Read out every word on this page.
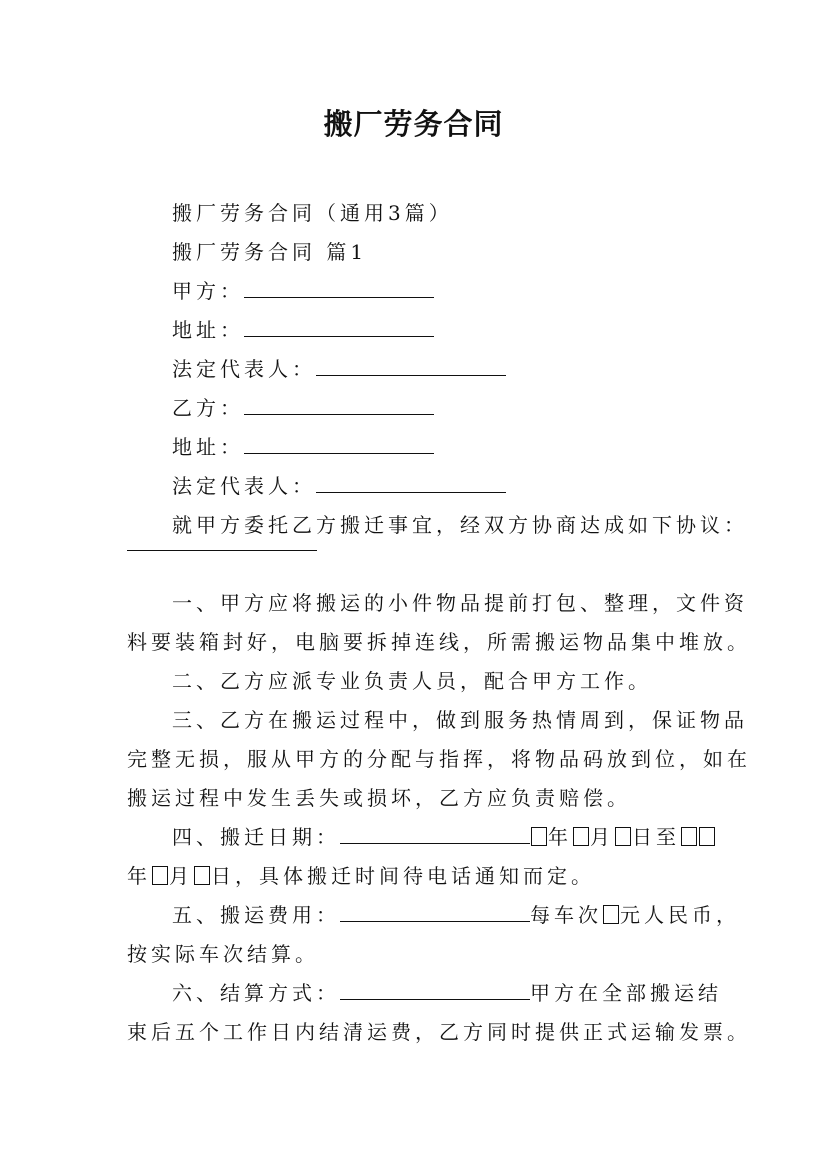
搬厂劳务合同
搬厂劳务合同（通用3篇）
搬厂劳务合同 篇1
甲方：
地址：
法定代表人：
乙方：
地址：
法定代表人：
就甲方委托乙方搬迁事宜，经双方协商达成如下协议：
一、甲方应将搬运的小件物品提前打包、整理，文件资
料要装箱封好，电脑要拆掉连线，所需搬运物品集中堆放。
二、乙方应派专业负责人员，配合甲方工作。
三、乙方在搬运过程中，做到服务热情周到，保证物品
完整无损，服从甲方的分配与指挥，将物品码放到位，如在
搬运过程中发生丢失或损坏，乙方应负责赔偿。
四、搬迁日期：	年 月 日至
年 月 日，具体搬迁时间待电话通知而定。
五、搬运费用：	每车次 元人民币，
按实际车次结算。
六、结算方式：	甲方在全部搬运结
束后五个工作日内结清运费，乙方同时提供正式运输发票。
